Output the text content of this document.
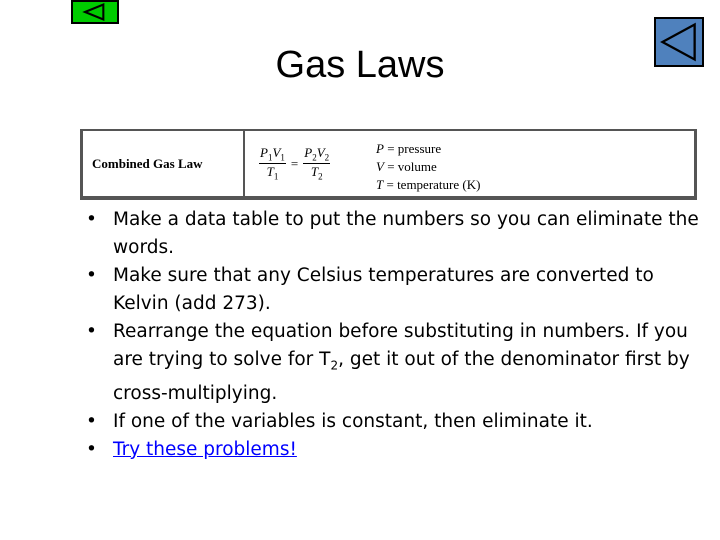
Gas Laws
Combined Gas Law	$\frac{P_1V_1}{T_1} = \frac{P_2V_2}{T_2}$	P = pressure
V = volume
T = temperature (K)
• Make a data table to put the numbers so you can eliminate the words.
• Make sure that any Celsius temperatures are converted to Kelvin (add 273).
• Rearrange the equation before substituting in numbers. If you are trying to solve for $T_2$, get it out of the denominator first by cross-multiplying.
• If one of the variables is constant, then eliminate it.
• Try these problems!
